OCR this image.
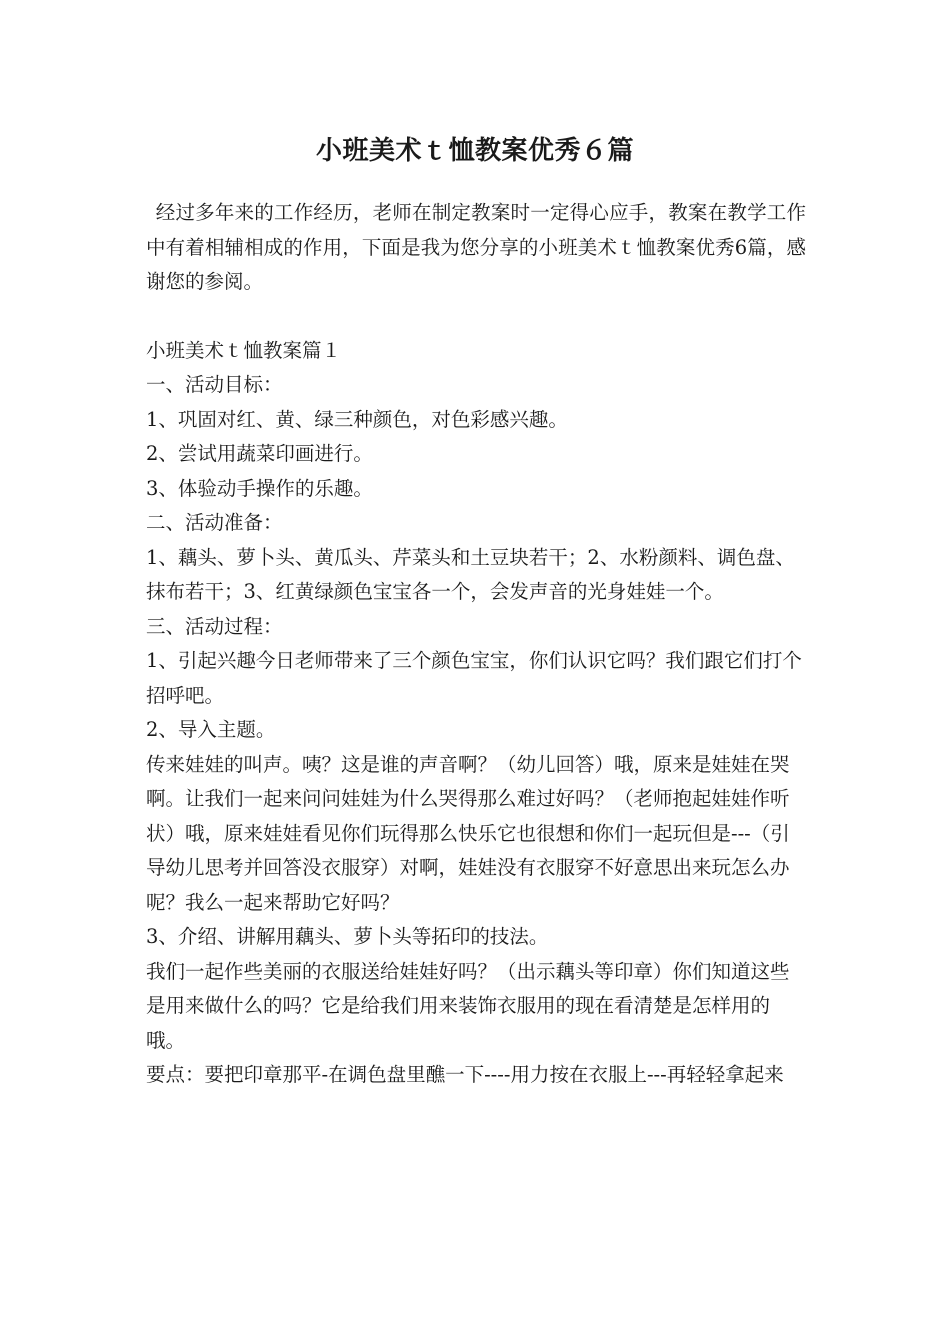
小班美术ｔ恤教案优秀６篇

经过多年来的工作经历，老师在制定教案时一定得心应手，教案在教学工作中有着相辅相成的作用，下面是我为您分享的小班美术ｔ恤教案优秀6篇，感谢您的参阅。

小班美术ｔ恤教案篇１

一、活动目标：

1、巩固对红、黄、绿三种颜色，对色彩感兴趣。

2、尝试用蔬菜印画进行。

3、体验动手操作的乐趣。

二、活动准备：

1、藕头、萝卜头、黄瓜头、芹菜头和土豆块若干；2、水粉颜料、调色盘、抹布若干；3、红黄绿颜色宝宝各一个，会发声音的光身娃娃一个。

三、活动过程：

1、引起兴趣今日老师带来了三个颜色宝宝，你们认识它吗？我们跟它们打个招呼吧。

2、导入主题。

传来娃娃的叫声。咦？这是谁的声音啊？（幼儿回答）哦，原来是娃娃在哭啊。让我们一起来问问娃娃为什么哭得那么难过好吗？（老师抱起娃娃作听状）哦，原来娃娃看见你们玩得那么快乐它也很想和你们一起玩但是---（引导幼儿思考并回答没衣服穿）对啊，娃娃没有衣服穿不好意思出来玩怎么办呢？我么一起来帮助它好吗？

3、介绍、讲解用藕头、萝卜头等拓印的技法。

我们一起作些美丽的衣服送给娃娃好吗？（出示藕头等印章）你们知道这些是用来做什么的吗？它是给我们用来装饰衣服用的现在看清楚是怎样用的哦。

要点：要把印章那平-在调色盘里醮一下----用力按在衣服上---再轻轻拿起来
